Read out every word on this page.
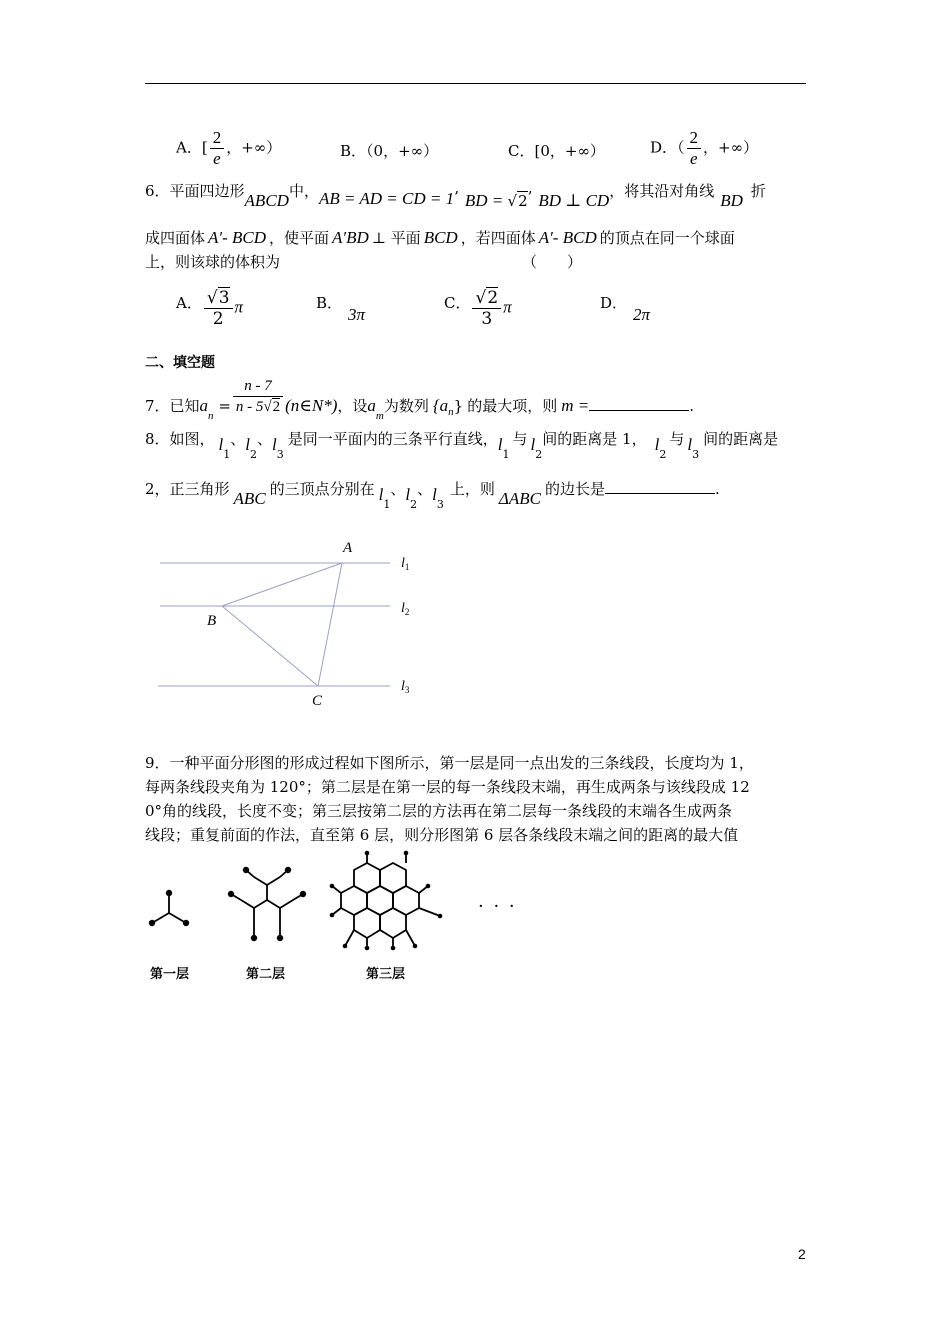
A．[ $\frac{2}{e}$ ，+∞）	B．（0，+∞）	C．[0，+∞）	D．（ $\frac{2}{e}$ ，+∞）
6．平面四边形ABCD中，AB = AD = CD = 1’ BD = √2’ BD ⊥ CD，将其沿对角线 BD 折
成四面体 A′- BCD ，使平面 A′BD ⊥ 平面 BCD ，若四面体 A′- BCD 的顶点在同一个球面
上，则该球的体积为	（　　）
A． $\frac{√3}{2}$ π	B．3π
C． $\frac{√2}{3}$ π	D．2π
二、填空题
7．已知$a_n = \frac{n - 7}{n - 5√2}$ (n∈N*)，设$a_m$为数列 $\{a_n\}$ 的最大项，则 m =	.
8．如图， $l_1$、$l_2$、$l_3$是同一平面内的三条平行直线，$l_1$与 $l_2$间的距离是 1， $l_2$与 $l_3$间的距离是
2，正三角形 ABC 的三顶点分别在 $l_1$、$l_2$、$l_3$上，则 ΔABC 的边长是	.
A
B
C
$l_1$
$l_2$
$l_3$
9．一种平面分形图的形成过程如下图所示，第一层是同一点出发的三条线段，长度均为 1，
每两条线段夹角为 120°；第二层是在第一层的每一条线段末端，再生成两条与该线段成 12
0°角的线段，长度不变；第三层按第二层的方法再在第二层每一条线段的末端各生成两条
线段；重复前面的作法，直至第 6 层，则分形图第 6 层各条线段末端之间的距离的最大值
· · ·
第一层	第二层	第三层
2
